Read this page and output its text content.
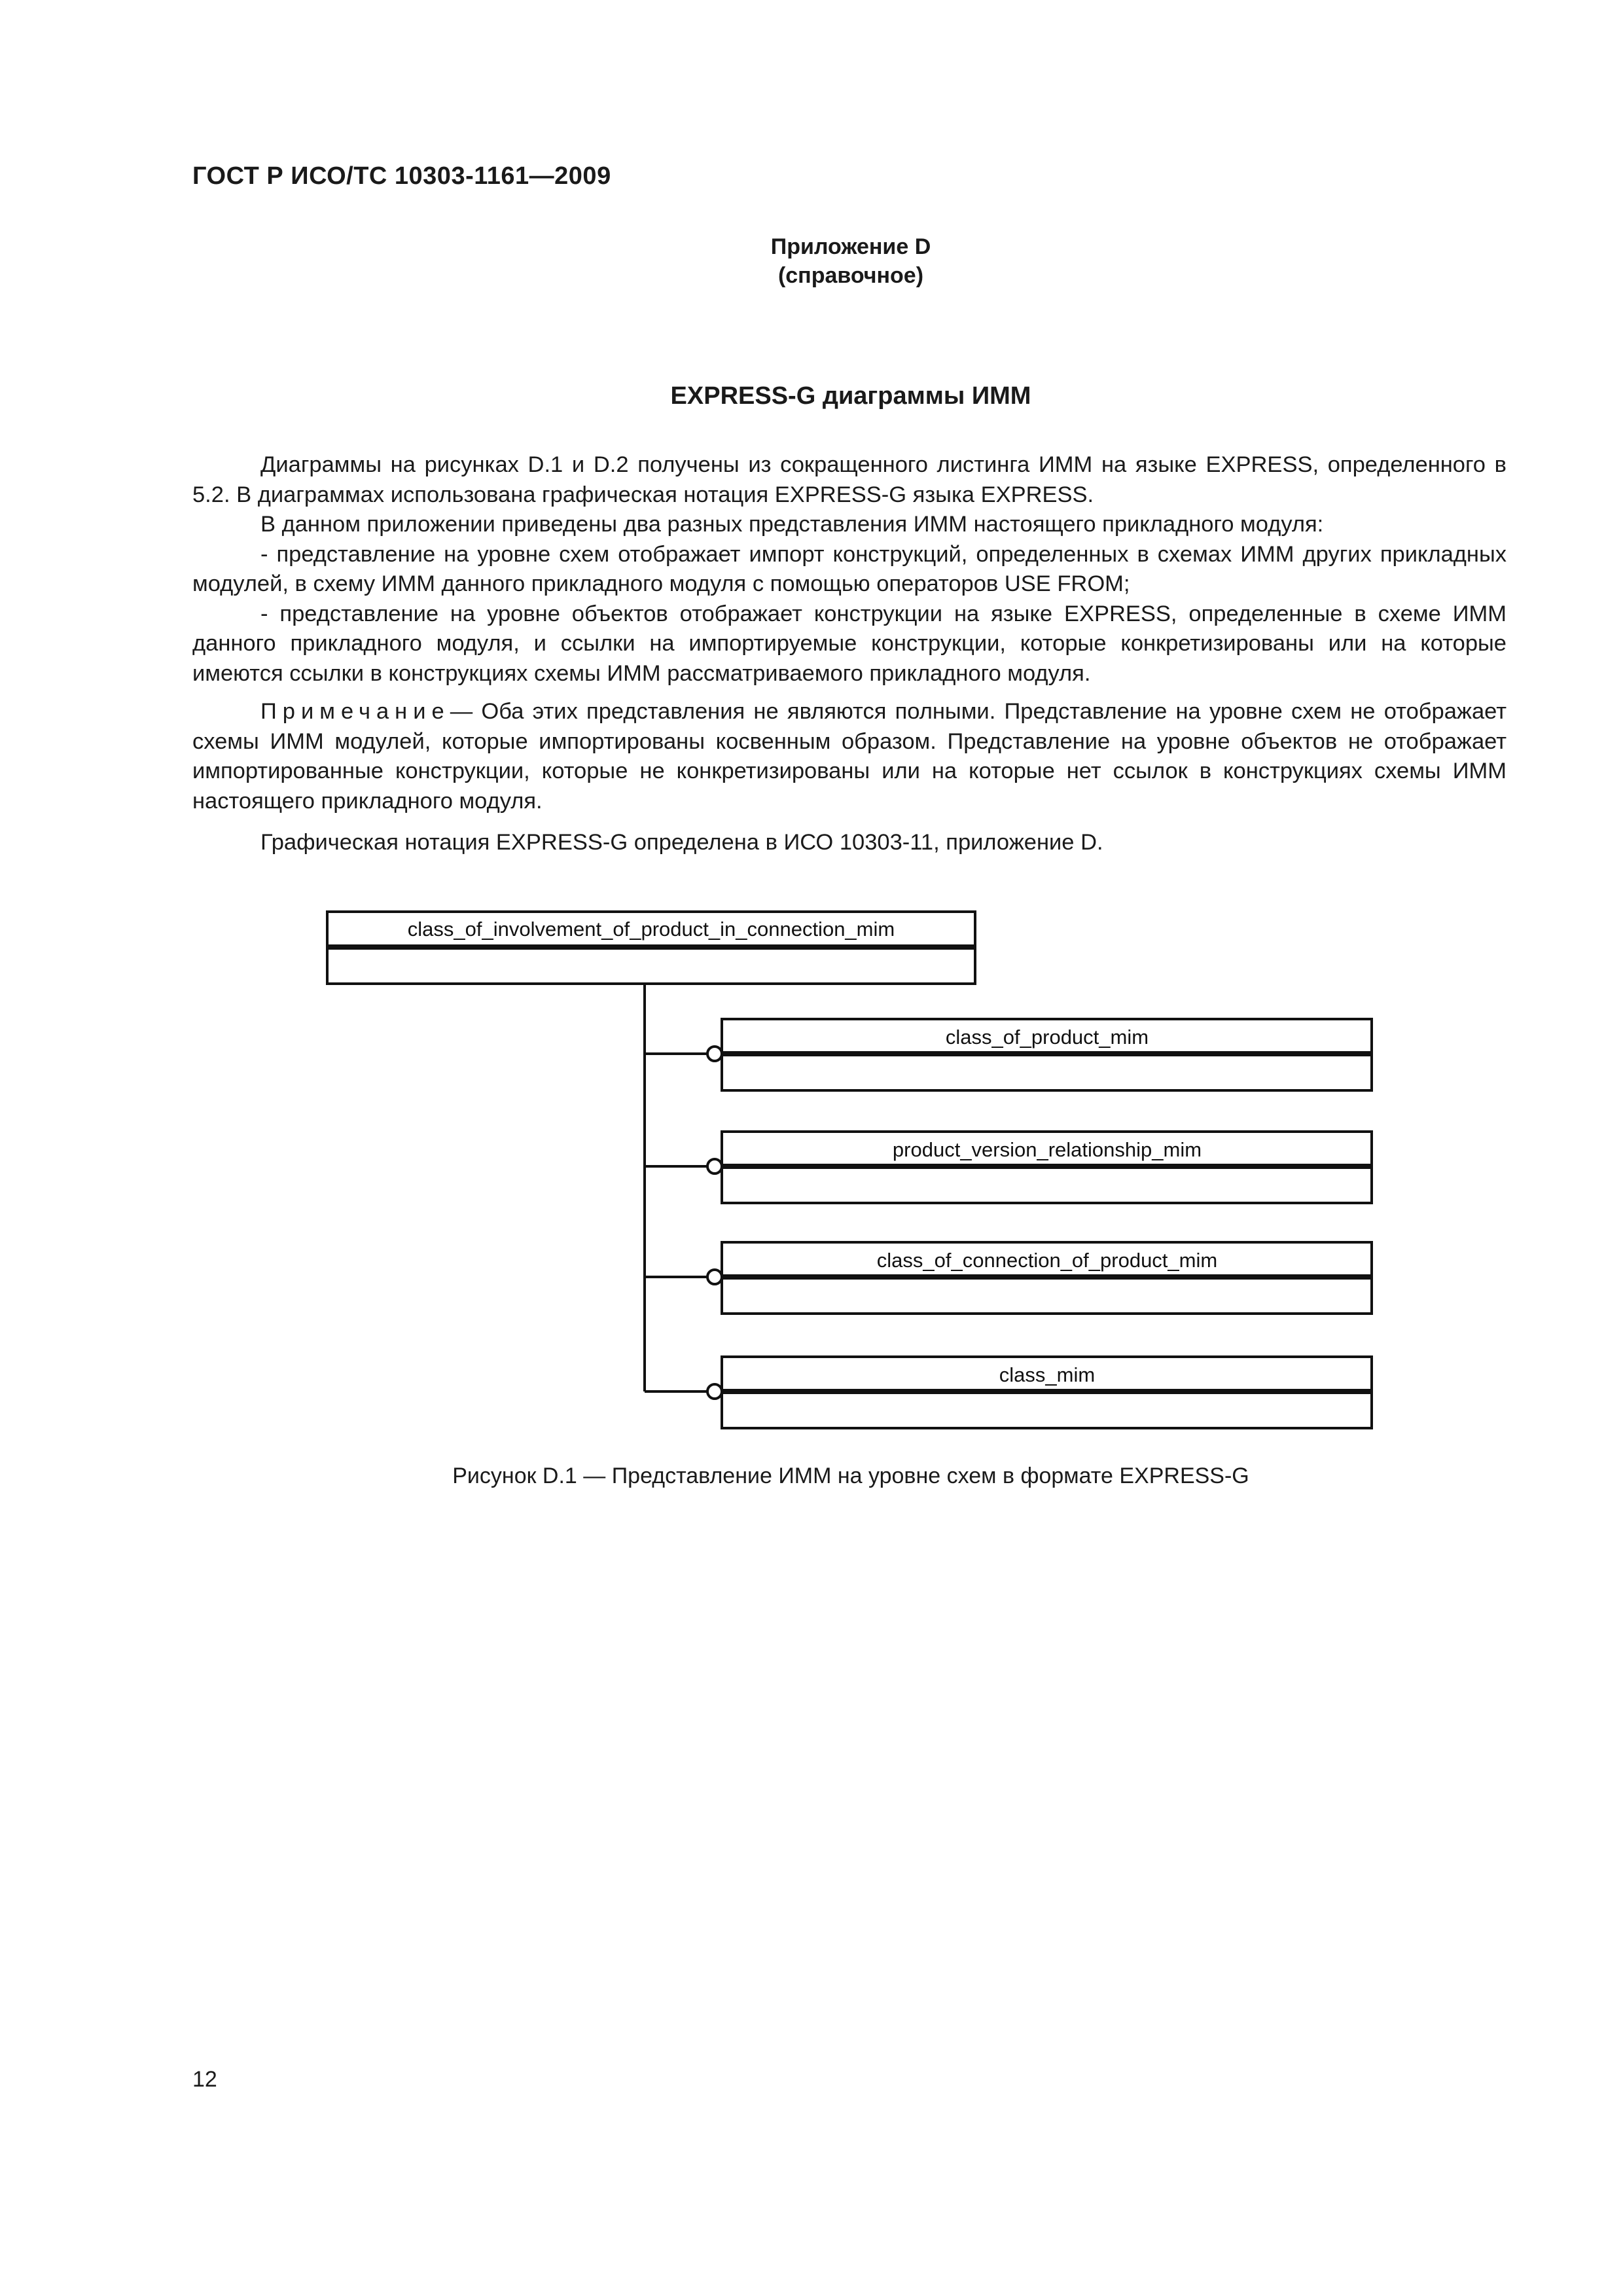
ГОСТ Р ИСО/ТС 10303-1161—2009
Приложение D
(справочное)
EXPRESS-G диаграммы ИММ

Диаграммы на рисунках D.1 и D.2 получены из сокращенного листинга ИММ на языке EXPRESS, определенного в 5.2. В диаграммах использована графическая нотация EXPRESS-G языка EXPRESS.

В данном приложении приведены два разных представления ИММ настоящего прикладного модуля:

- представление на уровне схем отображает импорт конструкций, определенных в схемах ИММ других прикладных модулей, в схему ИММ данного прикладного модуля с помощью операторов USE FROM;

- представление на уровне объектов отображает конструкции на языке EXPRESS, определенные в схеме ИММ данного прикладного модуля, и ссылки на импортируемые конструкции, которые конкретизированы или на которые имеются ссылки в конструкциях схемы ИММ рассматриваемого прикладного модуля.

Примечание— Оба этих представления не являются полными. Представление на уровне схем не отображает схемы ИММ модулей, которые импортированы косвенным образом. Представление на уровне объектов не отображает импортированные конструкции, которые не конкретизированы или на которые нет ссылок в конструкциях схемы ИММ настоящего прикладного модуля.

Графическая нотация EXPRESS-G определена в ИСО 10303-11, приложение D.

class_of_involvement_of_product_in_connection_mim
class_of_product_mim
product_version_relationship_mim
class_of_connection_of_product_mim
class_mim
Рисунок D.1 — Представление ИММ на уровне схем в формате EXPRESS-G
12
